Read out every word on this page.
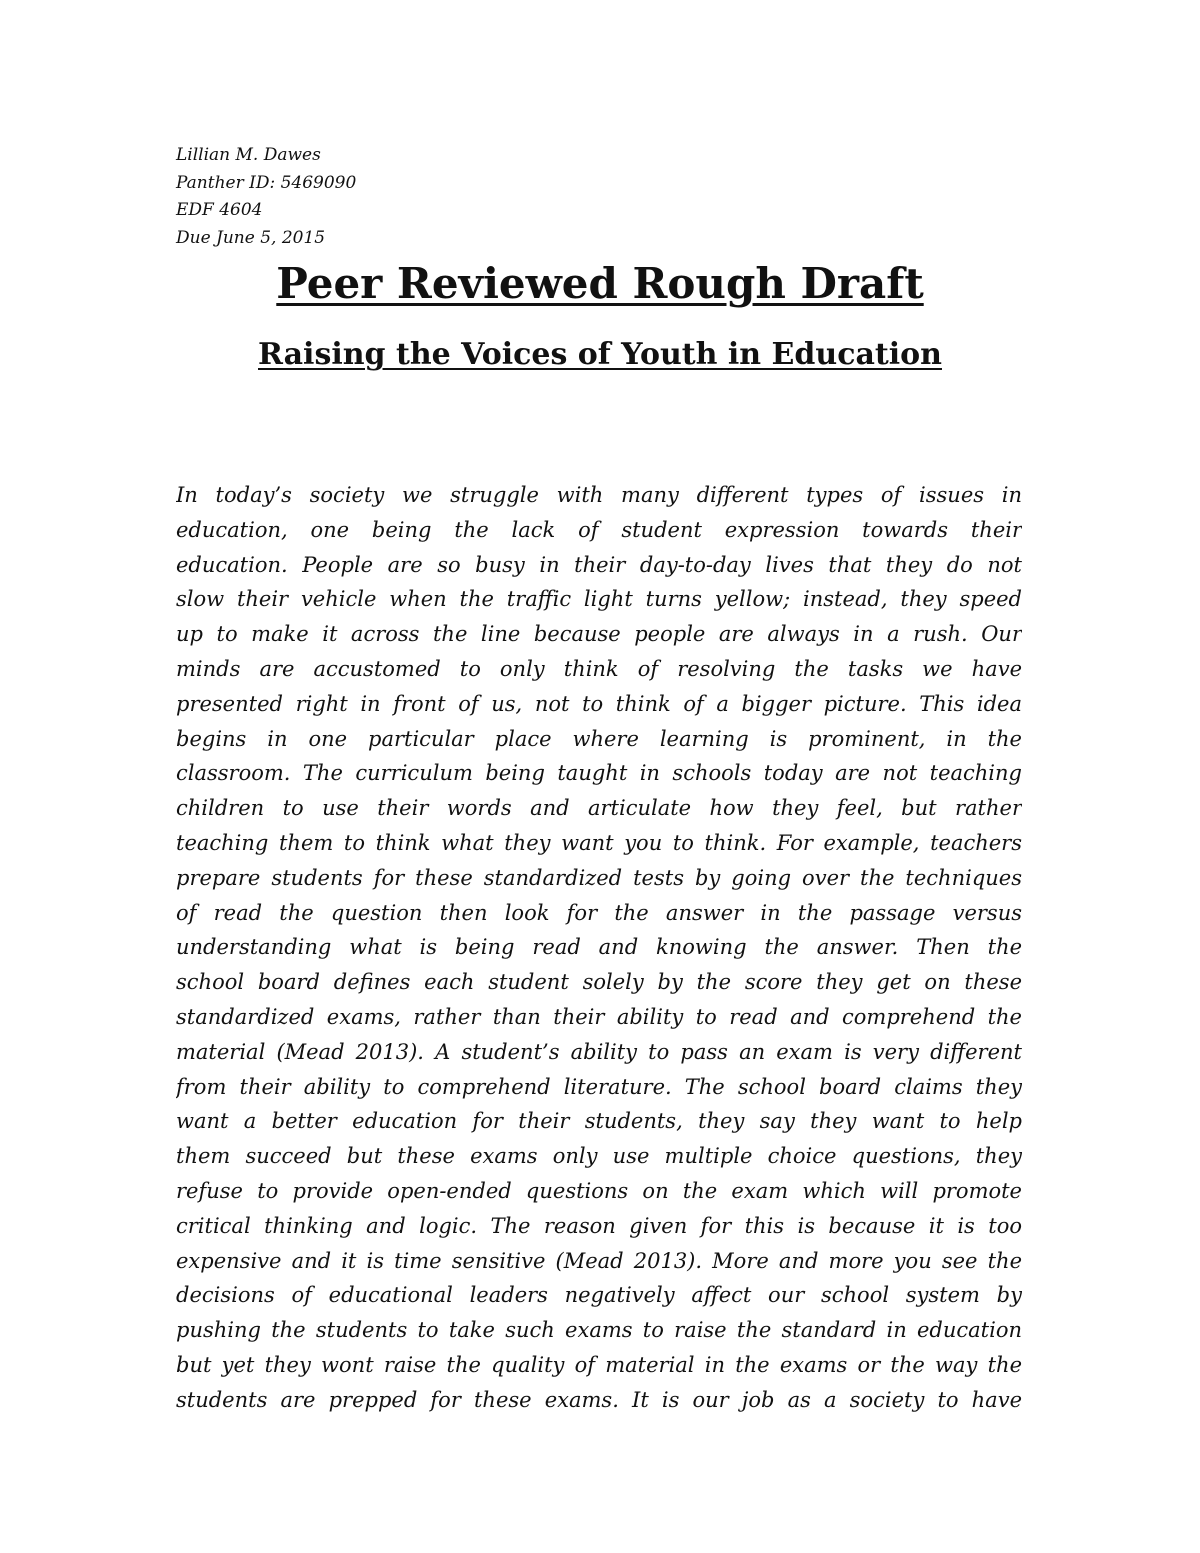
Lillian M. Dawes
Panther ID: 5469090
EDF 4604
Due June 5, 2015
Peer Reviewed Rough Draft
Raising the Voices of Youth in Education
In today’s society we struggle with many different types of issues in
education, one being the lack of student expression towards their
education. People are so busy in their day-to-day lives that they do not
slow their vehicle when the traffic light turns yellow; instead, they speed
up to make it across the line because people are always in a rush. Our
minds are accustomed to only think of resolving the tasks we have
presented right in front of us, not to think of a bigger picture. This idea
begins in one particular place where learning is prominent, in the
classroom. The curriculum being taught in schools today are not teaching
children to use their words and articulate how they feel, but rather
teaching them to think what they want you to think. For example, teachers
prepare students for these standardized tests by going over the techniques
of read the question then look for the answer in the passage versus
understanding what is being read and knowing the answer. Then the
school board defines each student solely by the score they get on these
standardized exams, rather than their ability to read and comprehend the
material (Mead 2013). A student’s ability to pass an exam is very different
from their ability to comprehend literature. The school board claims they
want a better education for their students, they say they want to help
them succeed but these exams only use multiple choice questions, they
refuse to provide open-ended questions on the exam which will promote
critical thinking and logic. The reason given for this is because it is too
expensive and it is time sensitive (Mead 2013). More and more you see the
decisions of educational leaders negatively affect our school system by
pushing the students to take such exams to raise the standard in education
but yet they wont raise the quality of material in the exams or the way the
students are prepped for these exams. It is our job as a society to have
